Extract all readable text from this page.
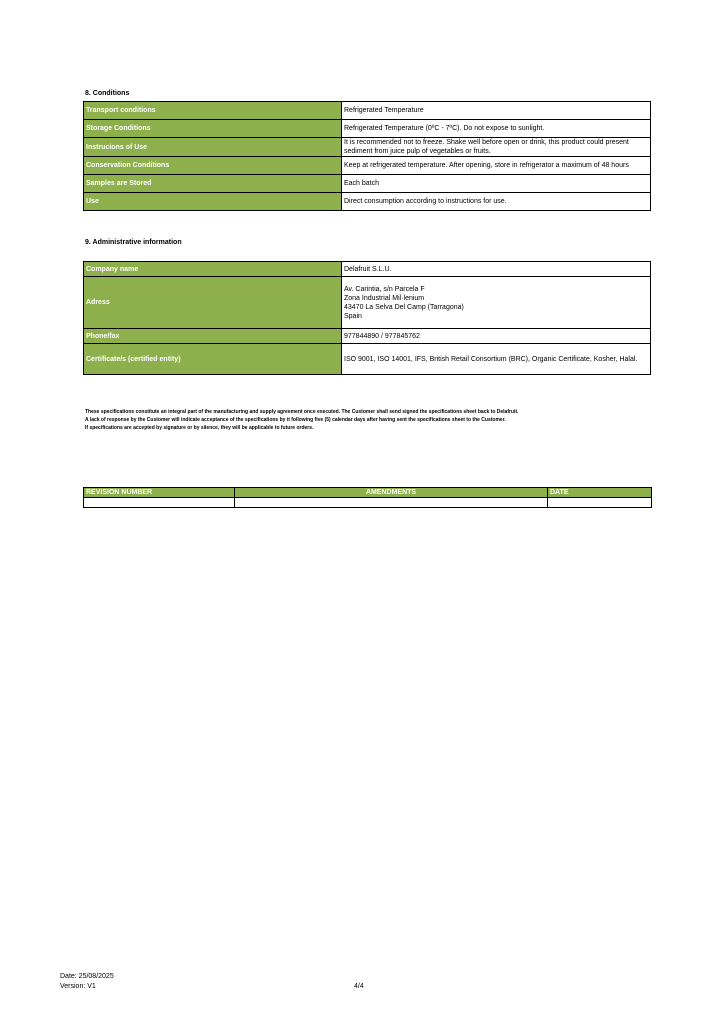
8. Conditions
Transport conditions	Refrigerated Temperature
Storage Conditions	Refrigerated Temperature (0ºC - 7ºC). Do not expose to sunlight.
Instrucions of Use	It is recommended not to freeze. Shake well before open or drink, this product could present sediment from juice pulp of vegetables or fruits.
Conservation Conditions	Keep at refrigerated temperature. After opening, store in refrigerator a maximum of 48 hours
Samples are Stored	Each batch
Use	Direct consumption according to instructions for use.
9. Administrative information
Company name	Delafruit S.L.U.
Adress	Av. Carintia, s/n Parcela F
Zona Industrial Mil·lenium
43470 La Selva Del Camp (Tarragona)
Spain

Phone/fax	977844890 / 977845762
Certificate/s (certified entity)	ISO 9001, ISO 14001, IFS, British Retail Consortium (BRC), Organic Certificate, Kosher, Halal.
These specifications constitute an integral part of the manufacturing and supply agreement once executed. The Customer shall send signed the specifications sheet back to Delafruit.
A lack of response by the Customer will indicate acceptance of the specifications by it following five (5) calendar days after having sent the specifications sheet to the Customer.
If specifications are accepted by signature or by silence, they will be applicable to future orders.
REVISION NUMBER	AMENDMENTS	DATE

Date: 25/08/2025
Version: V1	4/4
